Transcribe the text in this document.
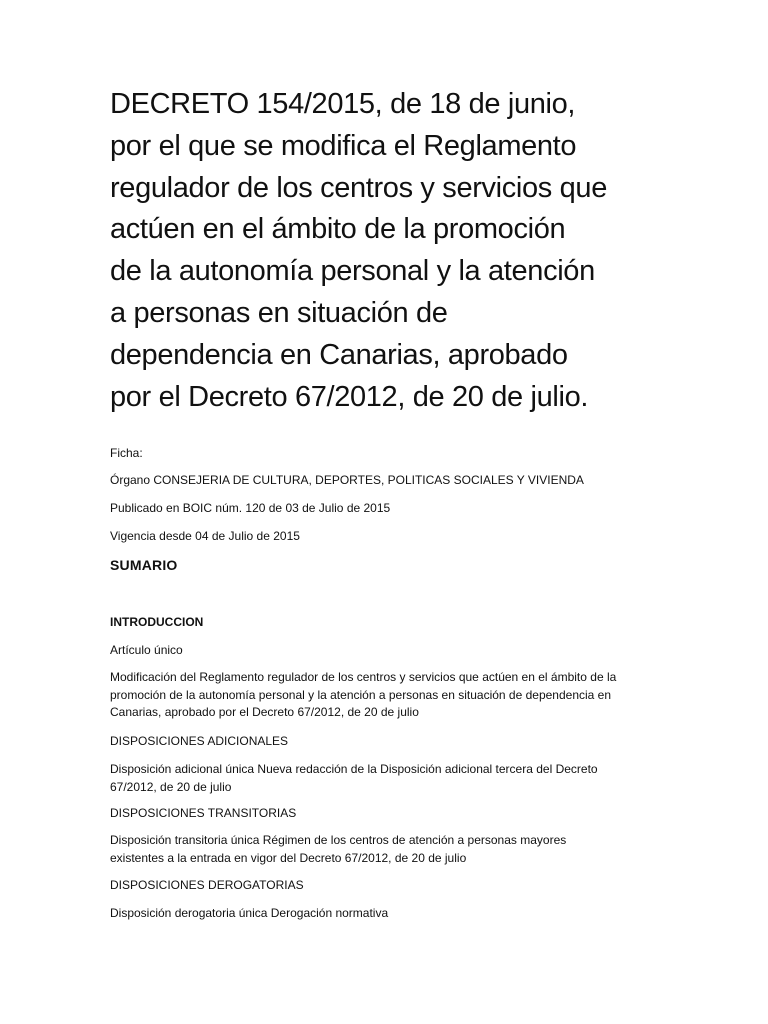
DECRETO 154/2015, de 18 de junio,
por el que se modifica el Reglamento
regulador de los centros y servicios que
actúen en el ámbito de la promoción
de la autonomía personal y la atención
a personas en situación de
dependencia en Canarias, aprobado
por el Decreto 67/2012, de 20 de julio.
Ficha:
Órgano CONSEJERIA DE CULTURA, DEPORTES, POLITICAS SOCIALES Y VIVIENDA
Publicado en BOIC núm. 120 de 03 de Julio de 2015
Vigencia desde 04 de Julio de 2015
SUMARIO
INTRODUCCION
Artículo único
Modificación del Reglamento regulador de los centros y servicios que actúen en el ámbito de la
promoción de la autonomía personal y la atención a personas en situación de dependencia en
Canarias, aprobado por el Decreto 67/2012, de 20 de julio
DISPOSICIONES ADICIONALES
Disposición adicional única Nueva redacción de la Disposición adicional tercera del Decreto
67/2012, de 20 de julio
DISPOSICIONES TRANSITORIAS
Disposición transitoria única Régimen de los centros de atención a personas mayores
existentes a la entrada en vigor del Decreto 67/2012, de 20 de julio
DISPOSICIONES DEROGATORIAS
Disposición derogatoria única Derogación normativa
